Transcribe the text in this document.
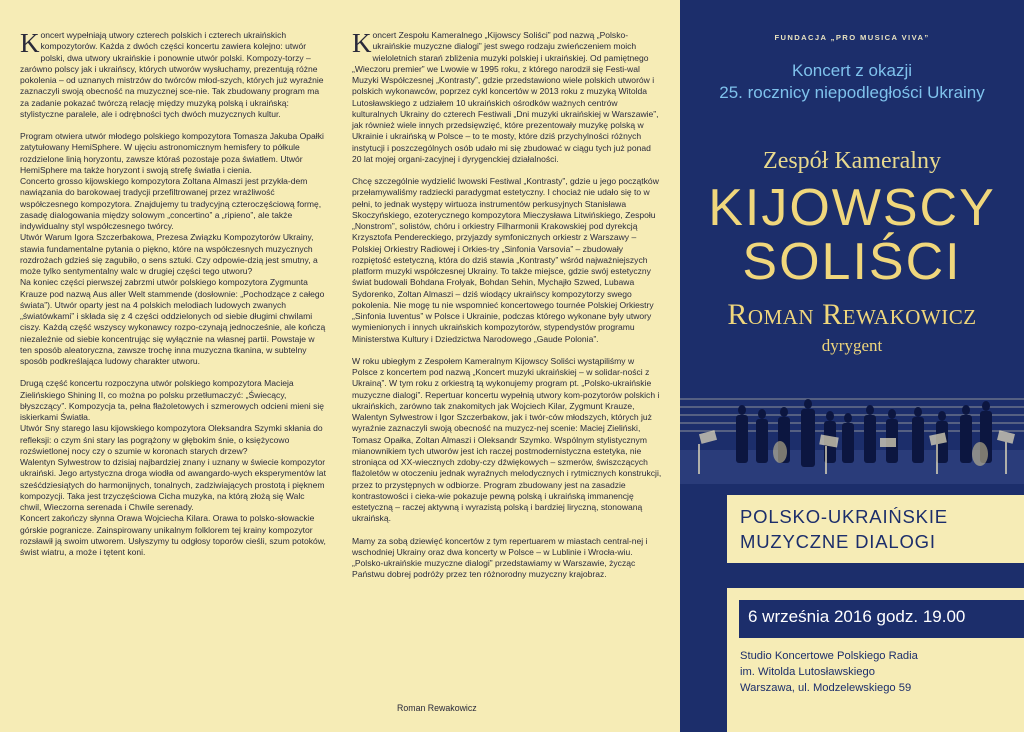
Koncert wypełniają utwory czterech polskich i czterech ukraińskich kompozytorów. Każda z dwóch części koncertu zawiera kolejno: utwór polski, dwa utwory ukraińskie i ponownie utwór polski. Kompozy-torzy – zarówno polscy jak i ukraińscy, których utworów wysłuchamy, prezentują różne pokolenia – od uznanych mistrzów do twórców młod-szych, których już wyraźnie zaznaczyli swoją obecność na muzycznej sce-nie. Tak zbudowany program ma za zadanie pokazać twórczą relację między muzyką polską i ukraińską: stylistyczne paralele, ale i odrębności tych dwóch muzycznych kultur.

Program otwiera utwór młodego polskiego kompozytora Tomasza Jakuba Opałki zatytułowany HemiSphere. W ujęciu astronomicznym hemisfery to półkule rozdzielone linią horyzontu, zawsze któraś pozostaje poza światłem. Utwór HemiSphere ma także horyzont i swoją strefę światła i cienia.
Concerto grosso kijowskiego kompozytora Zoltana Almaszi jest przykła-dem nawiązania do barokowaej tradycji przefiltrowanej przez wrażliwość współczesnego kompozytora. Znajdujemy tu tradycyjną czteroczęściową formę, zasadę dialogowania między solowym „concertino” a „ripieno”, ale także indywidualny styl współczesnego twórcy.
Utwór Warum Igora Szczerbakowa, Prezesa Związku Kompozytorów Ukrainy, stawia fundamentalne pytania o piękno, które na współczesnych muzycznych rozdrożach gdzieś się zagubiło, o sens sztuki. Czy odpowie-dzią jest smutny, a może tylko sentymentalny walc w drugiej części tego utworu?
Na koniec części pierwszej zabrzmi utwór polskiego kompozytora Zygmunta Krauze pod nazwą Aus aller Welt stammende (dosłownie: „Pochodzące z całego świata”). Utwór oparty jest na 4 polskich melodiach ludowych zwanych „światówkami” i składa się z 4 części oddzielonych od siebie długimi chwilami ciszy. Każdą część wszyscy wykonawcy rozpo-czynają jednocześnie, ale kończą niezależnie od siebie koncentrując się wyłącznie na własnej partii. Powstaje w ten sposób aleatoryczna, zawsze trochę inna muzyczna tkanina, w subtelny sposób podkreślająca ludowy charakter utworu.

Drugą część koncertu rozpoczyna utwór polskiego kompozytora Macieja Zielińskiego Shining II, co można po polsku przetłumaczyć: „Świecący, błyszczący”. Kompozycja ta, pełna fłażoletowych i szmerowych odcieni mieni się iskierkami Światła.
Utwór Sny starego lasu kijowskiego kompozytora Oleksandra Szymki skłania do refleksji: o czym śni stary las pogrążony w głębokim śnie, o księżycowo rozświetlonej nocy czy o szumie w koronach starych drzew?
Walentyn Sylwestrow to dzisiaj najbardziej znany i uznany w świecie kompozytor ukraiński. Jego artystyczna droga wiodła od awangardo-wych eksperymentów lat sześćdziesiątych do harmonijnych, tonalnych, zadziwiających prostotą i pięknem kompozycji. Taka jest trzyczęściowa Cicha muzyka, na którą złożą się Walc chwil, Wieczorna serenada i Chwile serenady.
Koncert zakończy słynna Orawa Wojciecha Kilara. Orawa to polsko-słowackie górskie pogranicze. Zainspirowany unikalnym folklorem tej krainy kompozytor rozsławił ją swoim utworem. Usłyszymy tu odgłosy toporów cieśli, szum potoków, świst wiatru, a może i tętent koni.

Koncert Zespołu Kameralnego „Kijowscy Soliści” pod nazwą „Polsko-ukraińskie muzyczne dialogi” jest swego rodzaju zwieńczeniem moich wieloletnich starań zbliżenia muzyki polskiej i ukraińskiej. Od pamiętnego „Wieczoru premier” we Lwowie w 1995 roku, z którego narodził się Festi-wal Muzyki Współczesnej „Kontrasty”, gdzie przedstawiono wiele polskich utworów i polskich wykonawców, poprzez cykl koncertów w 2013 roku z muzyką Witolda Lutosławskiego z udziałem 10 ukraińskich ośrodków ważnych centrów kulturalnych Ukrainy do czterech Festiwali „Dni muzyki ukraińskiej w Warszawie”, jak również wiele innych przedsięwzięć, które prezentowały muzykę polską w Ukrainie i ukraińską w Polsce – to te mosty, które dziś przychylności różnych instytucji i poszczególnych osób udało mi się zbudować w ciągu tych już ponad 20 lat mojej organi-zacyjnej i dyrygenckiej działalności.

Chcę szczególnie wydzielić lwowski Festiwal „Kontrasty”, gdzie u jego początków przełamywaliśmy radziecki paradygmat estetyczny. I chociaż nie udało się to w pełni, to jednak występy wirtuoza instrumentów perkusyjnych Stanisława Skoczyńskiego, ezoterycznego kompozytora Mieczysława Litwińskiego, Zespołu „Nonstrom”, solistów, chóru i orkiestry Filharmonii Krakowskiej pod dyrekcją Krzysztofa Pendereckiego, przyjazdy symfonicznych orkiestr z Warszawy – Polskiej Orkiestry Radiowej i Orkies-try „Sinfonia Varsovia” – zbudowały rozpiętość estetyczną, która do dziś stawia „Kontrasty” wśród najważniejszych platform muzyki współczesnej Ukrainy. To także miejsce, gdzie swój estetyczny świat budowali Bohdana Frołyak, Bohdan Sehin, Mychajło Szwed, Lubawa Sydorenko, Zoltan Almaszi – dziś wiodący ukraińscy kompozytorzy swego pokolenia. Nie mogę tu nie wspomnieć koncertowego tournée Polskiej Orkiestry „Sinfonia Iuventus” w Polsce i Ukrainie, podczas którego wykonane były utwory wymienionych i innych ukraińskich kompozytorów, stypendystów programu Ministerstwa Kultury i Dziedzictwa Narodowego „Gaude Polonia”.

W roku ubiegłym z Zespołem Kameralnym Kijowscy Soliści wystąpiliśmy w Polsce z koncertem pod nazwą „Koncert muzyki ukraińskiej – w solidar-ności z Ukrainą”. W tym roku z orkiestrą tą wykonujemy program pt. „Polsko-ukraińskie muzyczne dialogi”. Repertuar koncertu wypełnią utwory kom-pozytorów polskich i ukraińskich, zarówno tak znakomitych jak Wojciech Kilar, Zygmunt Krauze, Walentyn Sylwestrow i Igor Szczerbakow, jak i twór-ców młodszych, których już wyraźnie zaznaczyli swoją obecność na muzycz-nej scenie: Maciej Zieliński, Tomasz Opałka, Zoltan Almaszi i Oleksandr Szymko. Wspólnym stylistycznym mianownikiem tych utworów jest ich raczej postmodernistyczna estetyka, nie stroniąca od XX-wiecznych zdoby-czy dźwiękowych – szmerów, świszczących flażoletów w otoczeniu jednak wyraźnych melodycznych i rytmicznych konstrukcji, przez to przystępnych w odbiorze. Program zbudowany jest na zasadzie kontrastowości i cieka-wie pokazuje pewną polską i ukraińską immanencję estetyczną – raczej aktywną i wyrazistą polską i bardziej liryczną, stonowaną ukraińską.

Mamy za sobą dziewięć koncertów z tym repertuarem w miastach central-nej i wschodniej Ukrainy oraz dwa koncerty w Polsce – w Lublinie i Wrocła-wiu. „Polsko-ukraińskie muzyczne dialogi” przedstawiamy w Warszawie, życząc Państwu dobrej podróży przez ten różnorodny muzyczny krajobraz.

Roman Rewakowicz
FUNDACJA „PRO MUSICA VIVA”
Koncert z okazji
25. rocznicy niepodległości Ukrainy
Zespół Kameralny
KIJOWSCY
SOLIŚCI
Roman Rewakowicz
dyrygent
POLSKO-UKRAIŃSKIE
MUZYCZNE DIALOGI
6 września 2016 godz. 19.00
Studio Koncertowe Polskiego Radia
im. Witolda Lutosławskiego
Warszawa, ul. Modzelewskiego 59
